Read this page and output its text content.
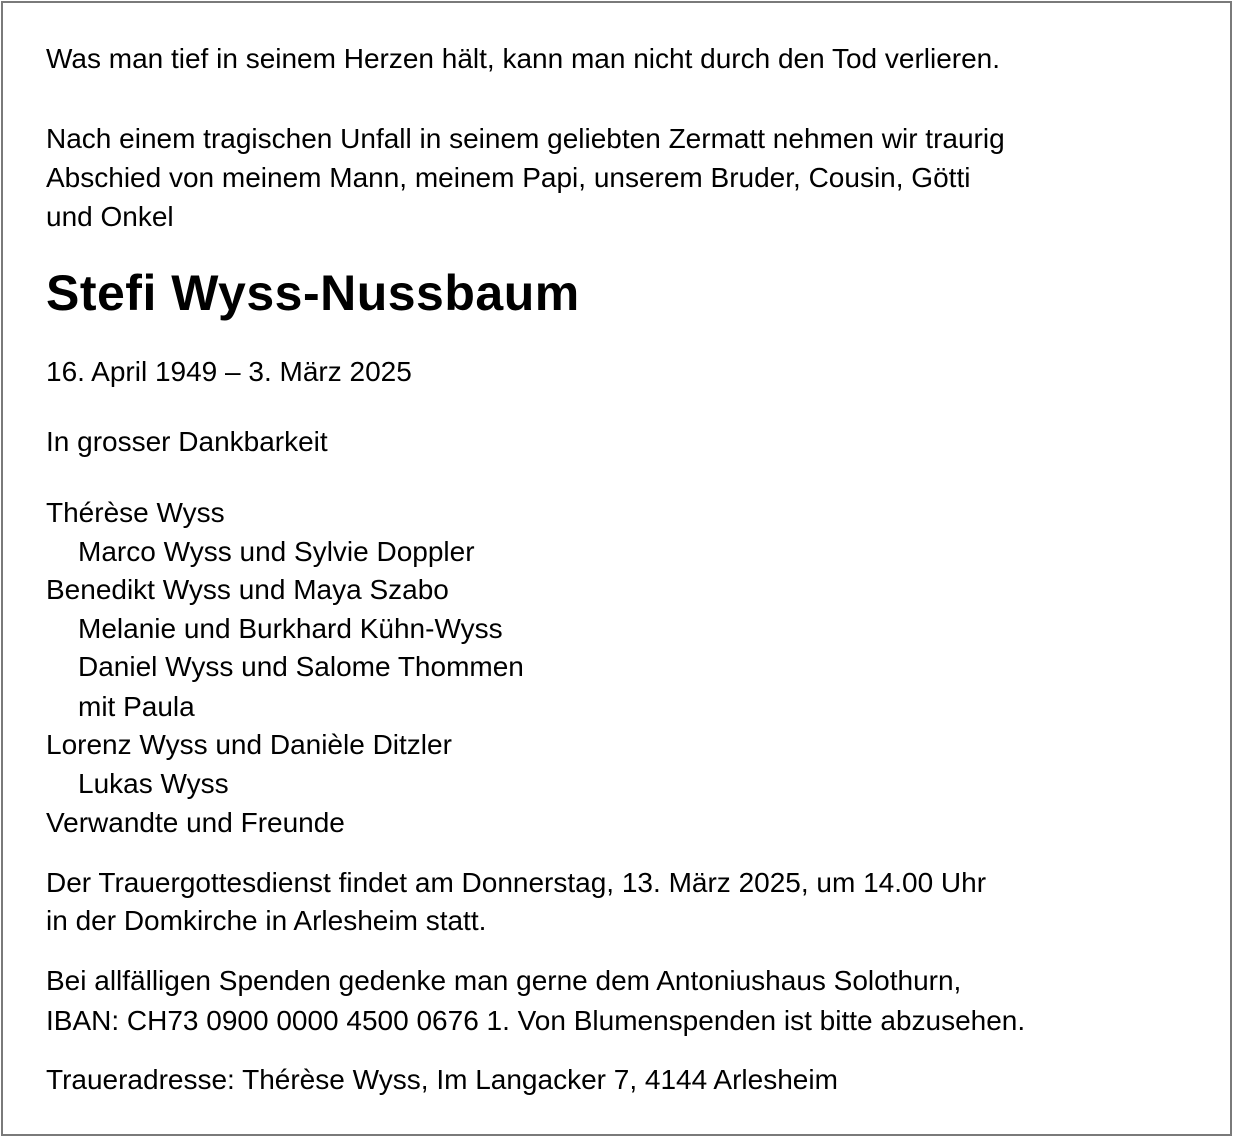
Was man tief in seinem Herzen hält, kann man nicht durch den Tod verlieren.
Nach einem tragischen Unfall in seinem geliebten Zermatt nehmen wir traurig
Abschied von meinem Mann, meinem Papi, unserem Bruder, Cousin, Götti
und Onkel
Stefi Wyss-Nussbaum
16. April 1949 – 3. März 2025
In grosser Dankbarkeit
Thérèse Wyss
Marco Wyss und Sylvie Doppler
Benedikt Wyss und Maya Szabo
Melanie und Burkhard Kühn-Wyss
Daniel Wyss und Salome Thommen
mit Paula
Lorenz Wyss und Danièle Ditzler
Lukas Wyss
Verwandte und Freunde
Der Trauergottesdienst findet am Donnerstag, 13. März 2025, um 14.00 Uhr
in der Domkirche in Arlesheim statt.
Bei allfälligen Spenden gedenke man gerne dem Antoniushaus Solothurn,
IBAN: CH73 0900 0000 4500 0676 1. Von Blumenspenden ist bitte abzusehen.
Traueradresse: Thérèse Wyss, Im Langacker 7, 4144 Arlesheim
